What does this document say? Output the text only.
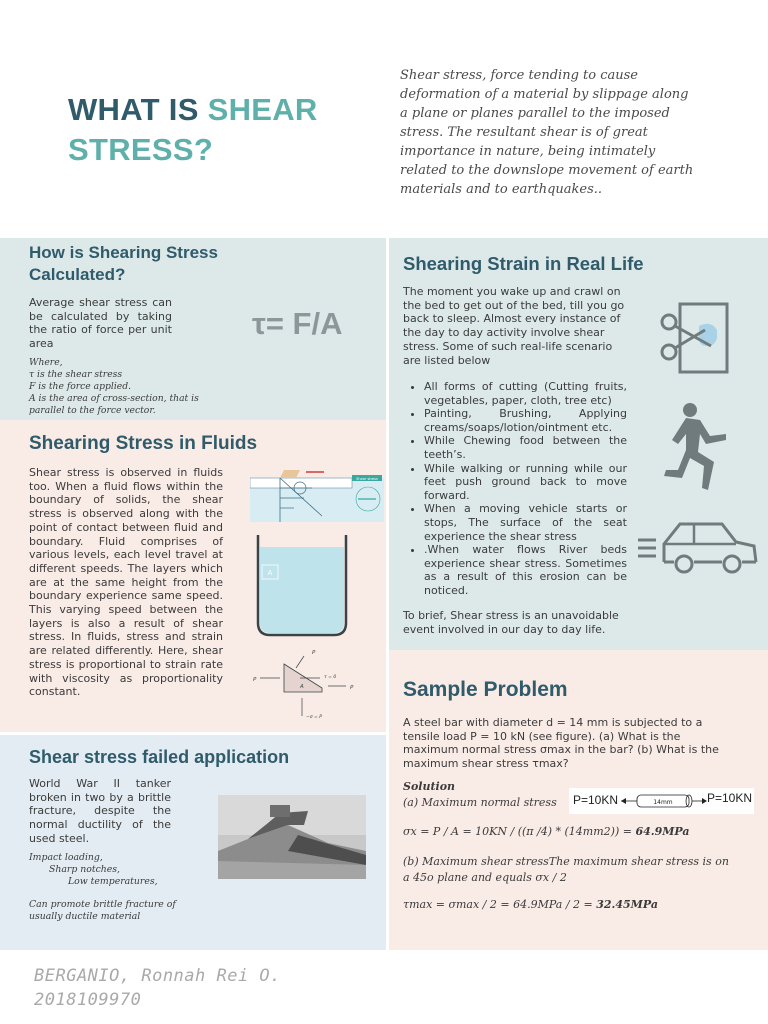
WHAT IS SHEAR
STRESS?
Shear stress, force tending to cause deformation of a material by slippage along a plane or planes parallel to the imposed stress. The resultant shear is of great importance in nature, being intimately related to the downslope movement of earth materials and to earthquakes..
How is Shearing Stress Calculated?
Average shear stress can be calculated by taking the ratio of force per unit area
τ= F/A
Where,
τ is the shear stress
F is the force applied.
A is the area of cross-section, that is parallel to the force vector.
Shearing Stress in Fluids
Shear stress is observed in fluids too. When a fluid flows within the boundary of solids, the shear stress is observed along with the point of contact between fluid and boundary. Fluid comprises of various levels, each level travel at different speeds. The layers which are at the same height from the boundary experience same speed. This varying speed between the layers is also a result of shear stress. In fluids, stress and strain are related differently. Here, shear stress is proportional to strain rate with viscosity as proportionality constant.
Shear stress
A
P
P
P
A
τ = 0
−σ = P
Shear stress failed application
World War II tanker broken in two by a brittle fracture, despite the normal ductility of the used steel.
Impact loading,
Sharp notches,
Low temperatures,
Can promote brittle fracture of usually ductile material
Shearing Strain in Real Life
The moment you wake up and crawl on the bed to get out of the bed, till you go back to sleep. Almost every instance of the day to day activity involve shear stress. Some of such real-life scenario are listed below
• All forms of cutting (Cutting fruits, vegetables, paper, cloth, tree etc)
• Painting, Brushing, Applying creams/soaps/lotion/ointment etc.
• While Chewing food between the teeth’s.
• While walking or running while our feet push ground back to move forward.
• When a moving vehicle starts or stops, The surface of the seat experience the shear stress
• .When water flows River beds experience shear stress. Sometimes as a result of this erosion can be noticed.
To brief, Shear stress is an unavoidable event involved in our day to day life.
Sample Problem
A steel bar with diameter d = 14 mm is subjected to a tensile load P = 10 kN (see figure). (a) What is the maximum normal stress σmax in the bar? (b) What is the maximum shear stress τmax?
Solution
(a) Maximum normal stress P=10KN	14mm	P=10KN
σx = P / A = 10KN / ((π /4) * (14mm2)) = 64.9MPa
(b) Maximum shear stressThe maximum shear stress is on a 45o plane and equals σx / 2
τmax = σmax / 2 = 64.9MPa / 2 = 32.45MPa
BERGANIO, Ronnah Rei O.
2018109970
